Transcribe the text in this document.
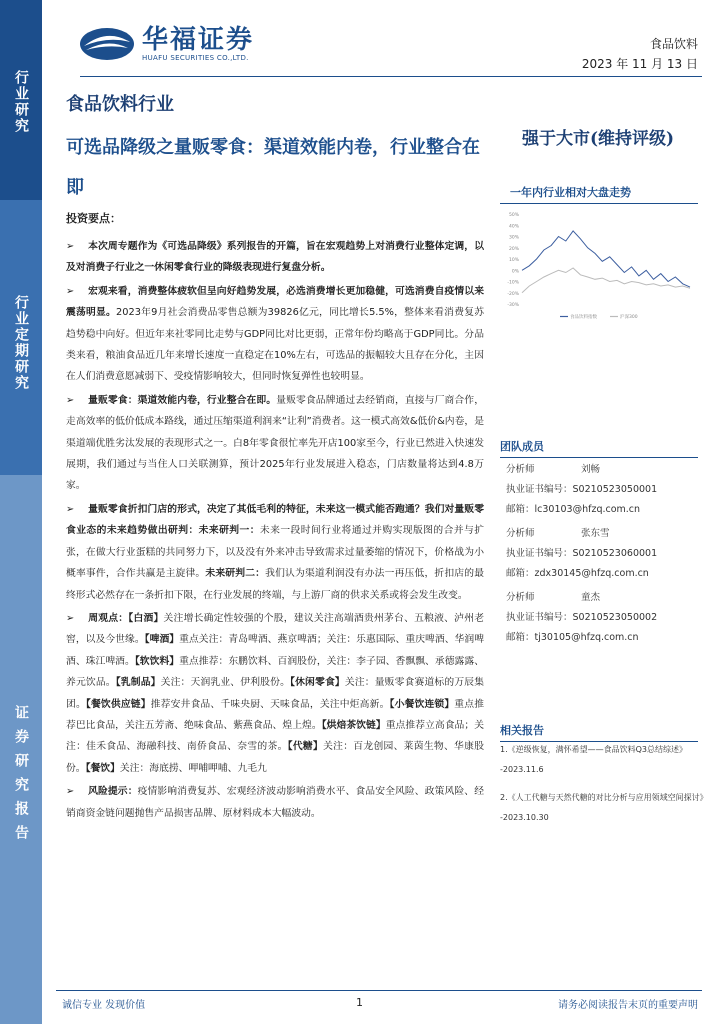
行业研究
行业定期研究
证券研究报告
华福证券
HUAFU SECURITIES CO.,LTD.
食品饮料
2023 年 11 月 13 日
食品饮料行业
可选品降级之量贩零食：渠道效能内卷，行业整合在即
强于大市(维持评级)
一年内行业相对大盘走势
50%
40%
30%
20%
10%
0%
-10%
-20%
-30%
食品饮料指数	沪深300
团队成员
分析师	刘畅
执业证书编号： S0210523050001
邮箱： lc30103@hfzq.com.cn
分析师	张东雪
执业证书编号： S0210523060001
邮箱： zdx30145@hfzq.com.cn
分析师	童杰
执业证书编号： S0210523050002
邮箱： tj30105@hfzq.com.cn
相关报告
1.《逆级恢复，满怀希望——食品饮料Q3总结综述》
-2023.11.6
2.《人工代糖与天然代糖的对比分析与应用领域空间探讨》
-2023.10.30
投资要点：

➢ 本次周专题作为《可选品降级》系列报告的开篇，旨在宏观趋势上对消费行业整体定调，以及对消费子行业之一休闲零食行业的降级表现进行复盘分析。

➢ 宏观来看，消费整体疲软但呈向好趋势发展，必选消费增长更加稳健，可选消费自疫情以来震荡明显。2023年9月社会消费品零售总额为39826亿元，同比增长5.5%，整体来看消费复苏趋势稳中向好。但近年来社零同比走势与GDP同比对比更弱，正常年份均略高于GDP同比。分品类来看，粮油食品近几年来增长速度一直稳定在10%左右，可选品的振幅较大且存在分化，主因在人们消费意愿减弱下、受疫情影响较大，但同时恢复弹性也较明显。

➢ 量贩零食：渠道效能内卷，行业整合在即。量贩零食品牌通过去经销商，直接与厂商合作，走高效率的低价低成本路线，通过压缩渠道利润来“让利”消费者。这一模式高效&低价&内卷，是渠道端优胜劣汰发展的表现形式之一。白8年零食很忙率先开店100家至今，行业已然进入快速发展期，我们通过与当住人口关联测算，预计2025年行业发展进入稳态，门店数量将达到4.8万家。

➢ 量贩零食折扣门店的形式，决定了其低毛利的特征，未来这一模式能否跑通？我们对量贩零食业态的未来趋势做出研判：未来研判一：未来一段时间行业将通过并购实现版图的合并与扩张，在做大行业蛋糕的共同努力下，以及没有外来冲击导致需求过量萎缩的情况下，价格战为小概率事件，合作共赢是主旋律。未来研判二：我们认为渠道利润没有办法一再压低，折扣店的最终形式必然存在一条折扣下限，在行业发展的终端，与上游厂商的供求关系或将会发生改变。

➢ 周观点：【白酒】关注增长确定性较强的个股，建议关注高端酒贵州茅台、五粮液、泸州老窖，以及今世缘。【啤酒】重点关注：青岛啤酒、燕京啤酒；关注：乐惠国际、重庆啤酒、华润啤酒、珠江啤酒。【软饮料】重点推荐：东鹏饮料、百润股份，关注：李子园、香飘飘、承德露露、养元饮品。【乳制品】关注：天润乳业、伊利股份。【休闲零食】关注：量贩零食赛道标的万辰集团。【餐饮供应链】推荐安井食品、千味央厨、天味食品，关注中炬高新。【小餐饮连锁】重点推荐巴比食品，关注五芳斋、绝味食品、紫燕食品、煌上煌。【烘焙茶饮链】重点推荐立高食品；关注：佳禾食品、海融科技、南侨食品、奈雪的茶。【代糖】关注：百龙创园、莱茵生物、华康股份。【餐饮】关注：海底捞、呷哺呷哺、九毛九

➢ 风险提示：疫情影响消费复苏、宏观经济波动影响消费水平、食品安全风险、政策风险、经销商资金链问题抛售产品损害品牌、原材料成本大幅波动。

诚信专业 发现价值	1	请务必阅读报告末页的重要声明
